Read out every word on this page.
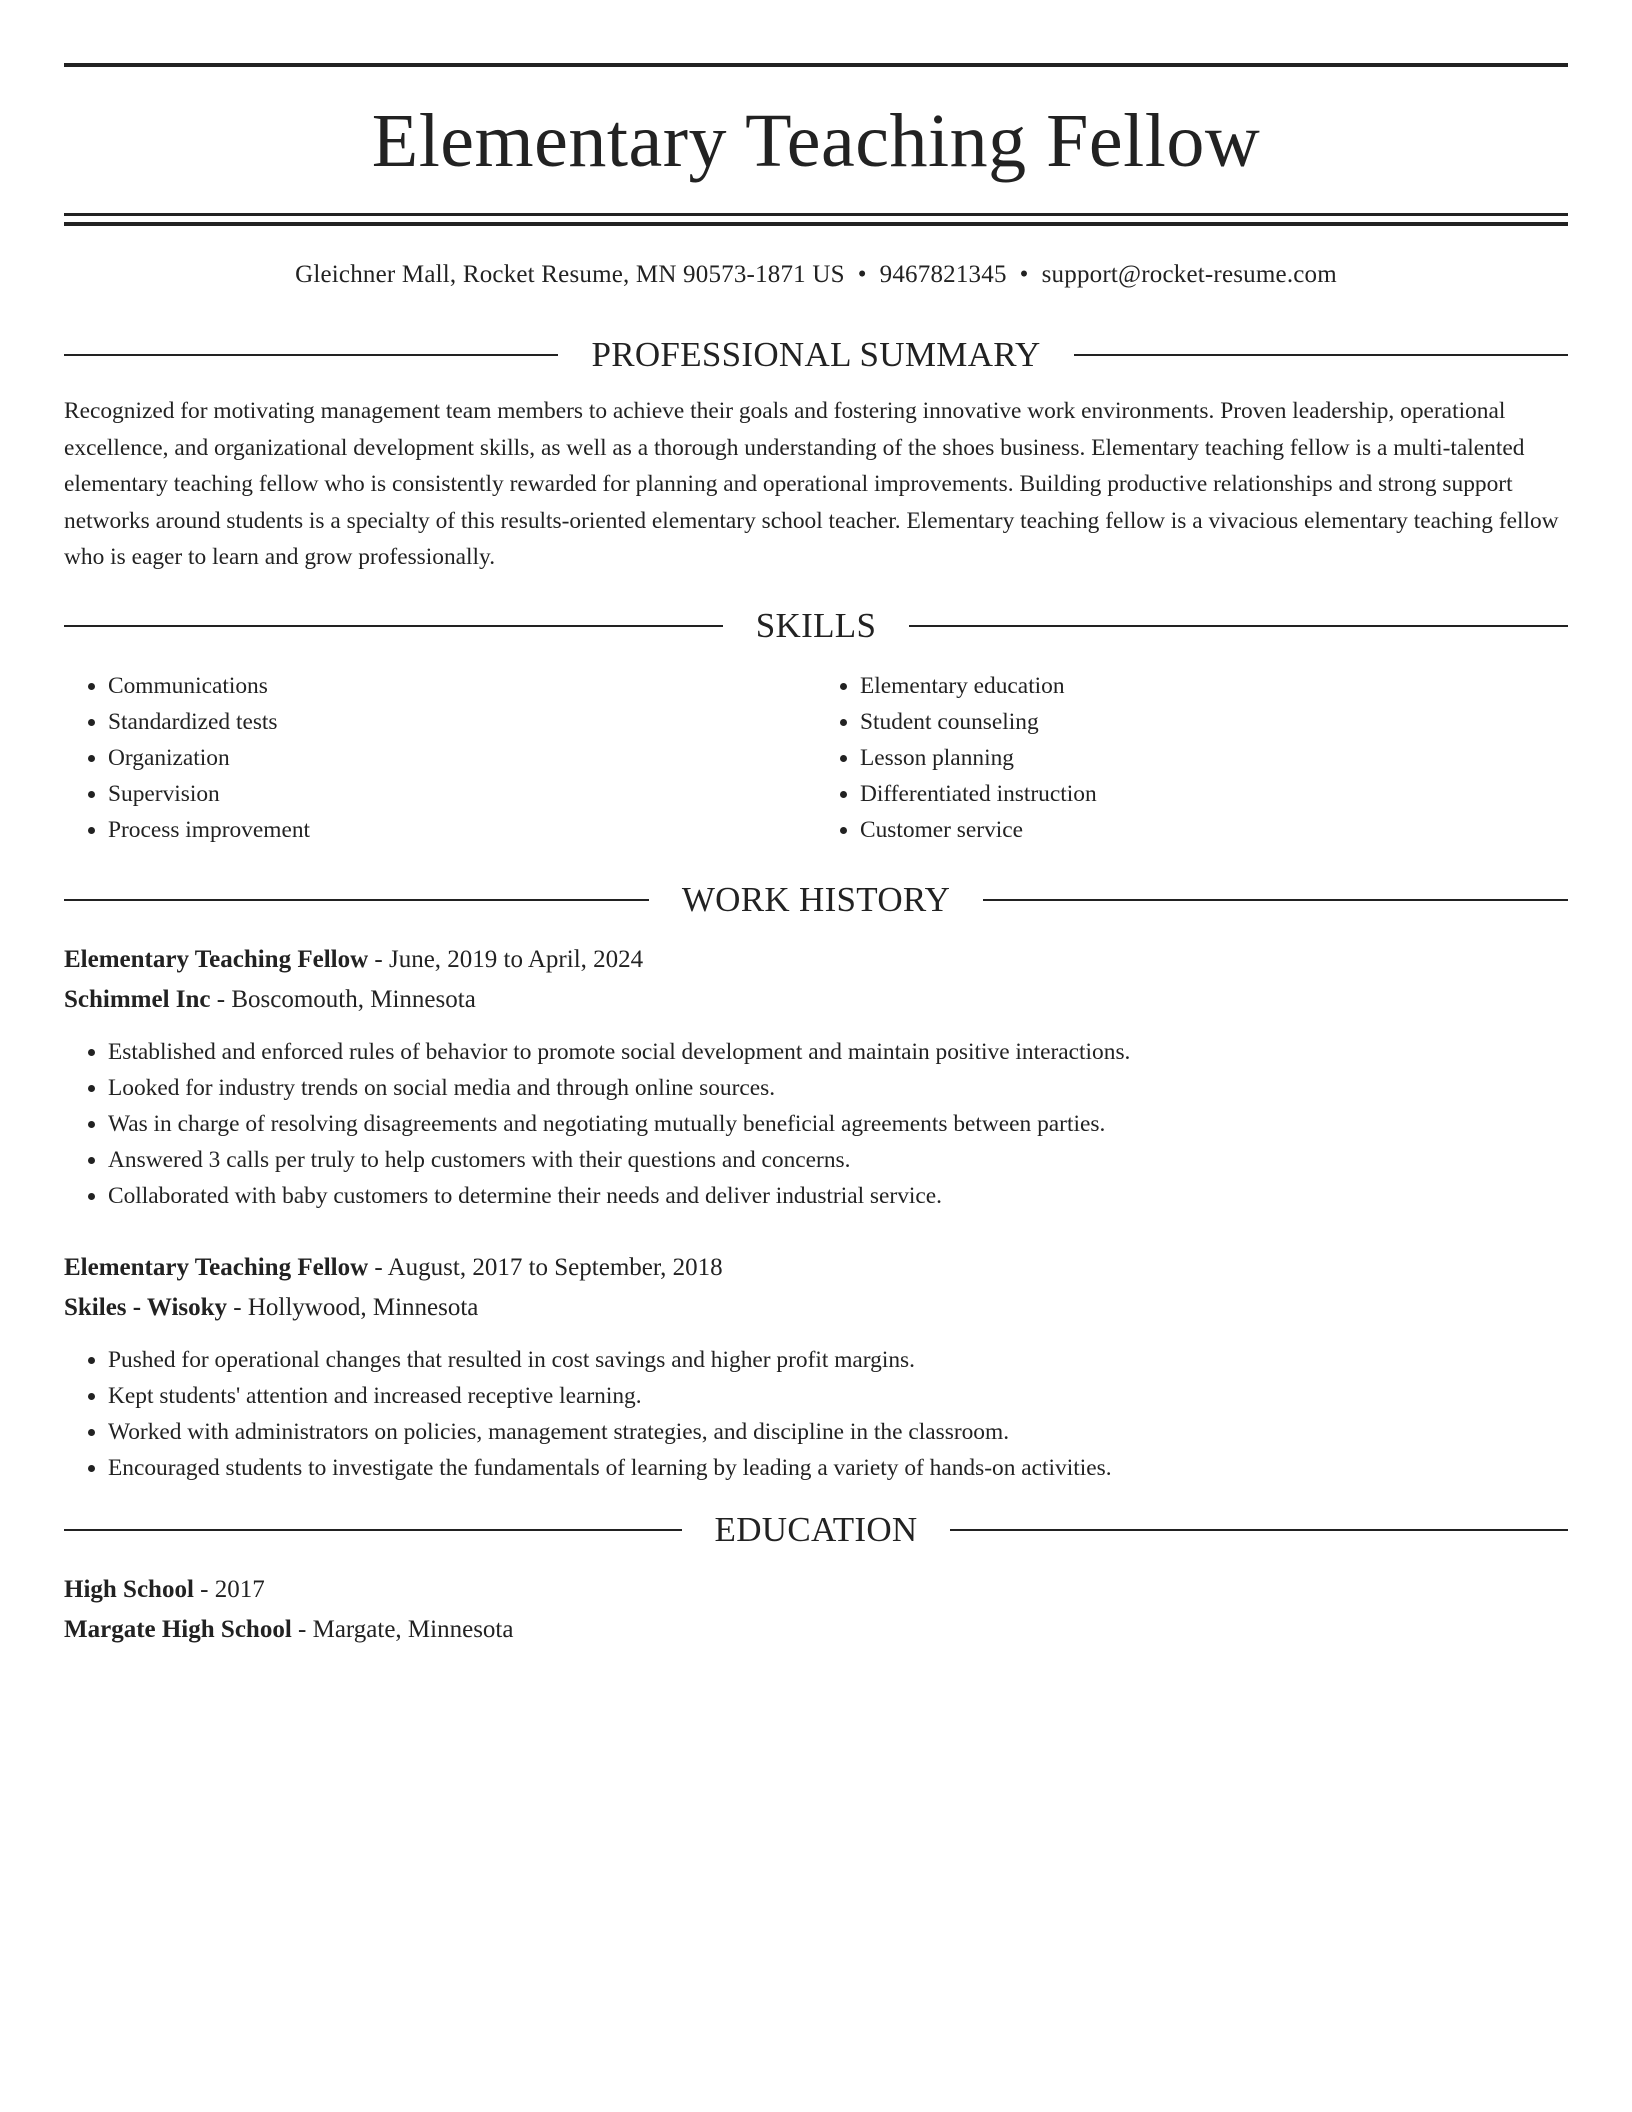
Elementary Teaching Fellow
Gleichner Mall, Rocket Resume, MN 90573-1871 US • 9467821345 • support@rocket-resume.com
PROFESSIONAL SUMMARY
Recognized for motivating management team members to achieve their goals and fostering innovative work environments. Proven leadership, operational excellence, and organizational development skills, as well as a thorough understanding of the shoes business. Elementary teaching fellow is a multi-talented elementary teaching fellow who is consistently rewarded for planning and operational improvements. Building productive relationships and strong support networks around students is a specialty of this results-oriented elementary school teacher. Elementary teaching fellow is a vivacious elementary teaching fellow who is eager to learn and grow professionally.
SKILLS
• Communications
• Standardized tests
• Organization
• Supervision
• Process improvement
• Elementary education
• Student counseling
• Lesson planning
• Differentiated instruction
• Customer service
WORK HISTORY
Elementary Teaching Fellow - June, 2019 to April, 2024
Schimmel Inc - Boscomouth, Minnesota
• Established and enforced rules of behavior to promote social development and maintain positive interactions.
• Looked for industry trends on social media and through online sources.
• Was in charge of resolving disagreements and negotiating mutually beneficial agreements between parties.
• Answered 3 calls per truly to help customers with their questions and concerns.
• Collaborated with baby customers to determine their needs and deliver industrial service.
Elementary Teaching Fellow - August, 2017 to September, 2018
Skiles - Wisoky - Hollywood, Minnesota
• Pushed for operational changes that resulted in cost savings and higher profit margins.
• Kept students' attention and increased receptive learning.
• Worked with administrators on policies, management strategies, and discipline in the classroom.
• Encouraged students to investigate the fundamentals of learning by leading a variety of hands-on activities.
EDUCATION
High School - 2017
Margate High School - Margate, Minnesota
